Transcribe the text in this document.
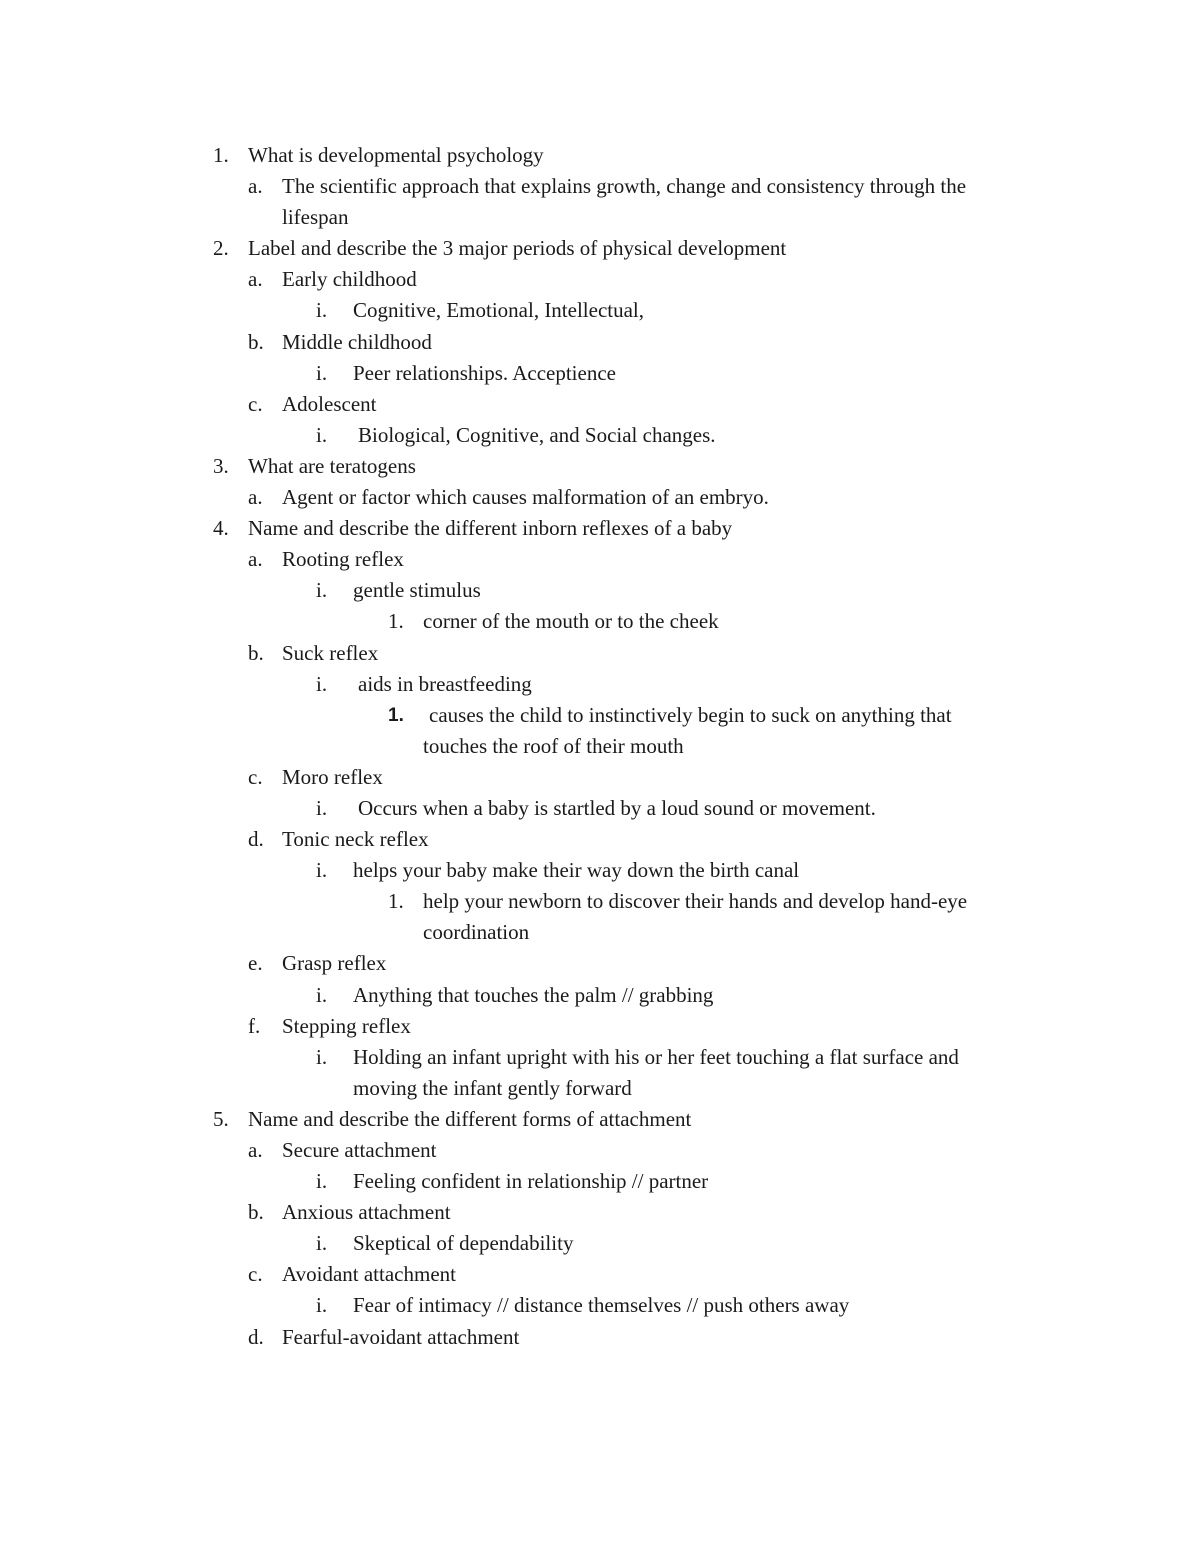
1. What is developmental psychology
a. The scientific approach that explains growth, change and consistency through the
lifespan
2. Label and describe the 3 major periods of physical development
a. Early childhood
i. Cognitive, Emotional, Intellectual,
b. Middle childhood
i. Peer relationships. Acceptience
c. Adolescent
i. Biological, Cognitive, and Social changes.
3. What are teratogens
a. Agent or factor which causes malformation of an embryo.
4. Name and describe the different inborn reflexes of a baby
a. Rooting reflex
i. gentle stimulus
1. corner of the mouth or to the cheek
b. Suck reflex
i. aids in breastfeeding
1. causes the child to instinctively begin to suck on anything that
touches the roof of their mouth
c. Moro reflex
i. Occurs when a baby is startled by a loud sound or movement.
d. Tonic neck reflex
i. helps your baby make their way down the birth canal
1. help your newborn to discover their hands and develop hand-eye
coordination
e. Grasp reflex
i. Anything that touches the palm // grabbing
f. Stepping reflex
i. Holding an infant upright with his or her feet touching a flat surface and
moving the infant gently forward
5. Name and describe the different forms of attachment
a. Secure attachment
i. Feeling confident in relationship // partner
b. Anxious attachment
i. Skeptical of dependability
c. Avoidant attachment
i. Fear of intimacy // distance themselves // push others away
d. Fearful-avoidant attachment
